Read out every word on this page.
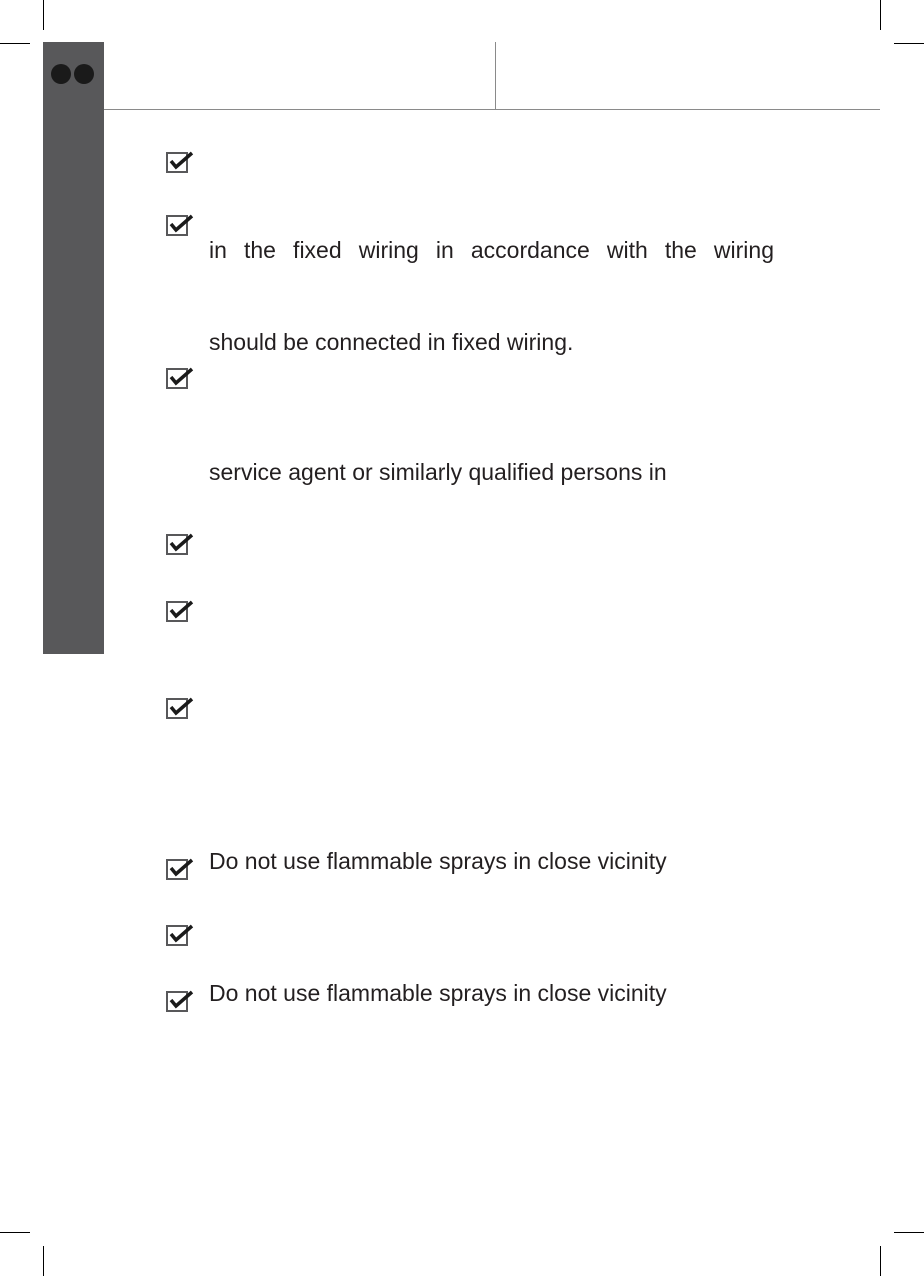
in the fixed wiring in accordance with the wiring
should be connected in fixed wiring.
service agent or similarly qualified persons in
Do not use flammable sprays in close vicinity
Do not use flammable sprays in close vicinity
